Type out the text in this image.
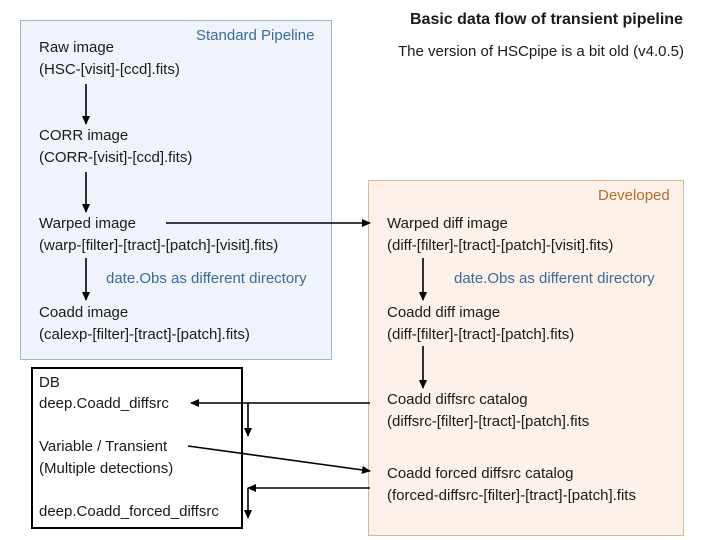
Basic data flow of transient pipeline
The version of HSCpipe is a bit old (v4.0.5)
Standard Pipeline
Developed
Raw image
(HSC-[visit]-[ccd].fits)
CORR image
(CORR-[visit]-[ccd].fits)
Warped image
(warp-[filter]-[tract]-[patch]-[visit].fits)
date.Obs as different directory
Coadd image
(calexp-[filter]-[tract]-[patch].fits)
Warped diff image
(diff-[filter]-[tract]-[patch]-[visit].fits)
date.Obs as different directory
Coadd diff image
(diff-[filter]-[tract]-[patch].fits)
Coadd diffsrc catalog
(diffsrc-[filter]-[tract]-[patch].fits
Coadd forced diffsrc catalog
(forced-diffsrc-[filter]-[tract]-[patch].fits
DB
deep.Coadd_diffsrc
Variable / Transient
(Multiple detections)
deep.Coadd_forced_diffsrc
